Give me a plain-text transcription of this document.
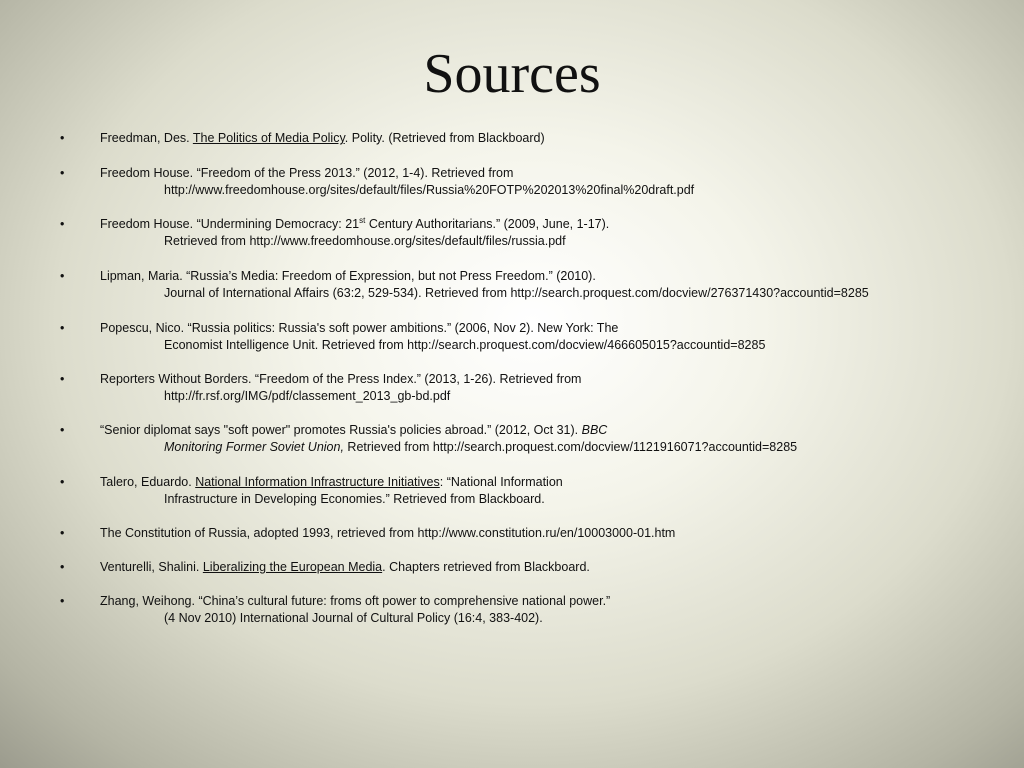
Sources
•	Freedman, Des. The Politics of Media Policy. Polity. (Retrieved from Blackboard)
•	Freedom House. “Freedom of the Press 2013.” (2012, 1-4). Retrieved from
http://www.freedomhouse.org/sites/default/files/Russia%20FOTP%202013%20final%20draft.pdf
•	Freedom House. “Undermining Democracy: 21st Century Authoritarians.” (2009, June, 1-17).
Retrieved from http://www.freedomhouse.org/sites/default/files/russia.pdf
•	Lipman, Maria. “Russia’s Media: Freedom of Expression, but not Press Freedom.” (2010).
Journal of International Affairs (63:2, 529-534). Retrieved from http://search.proquest.com/docview/276371430?accountid=8285
•	Popescu, Nico. “Russia politics: Russia's soft power ambitions.” (2006, Nov 2). New York: The
Economist Intelligence Unit. Retrieved from http://search.proquest.com/docview/466605015?accountid=8285
•	Reporters Without Borders. “Freedom of the Press Index.” (2013, 1-26). Retrieved from
http://fr.rsf.org/IMG/pdf/classement_2013_gb-bd.pdf
•	“Senior diplomat says "soft power" promotes Russia's policies abroad.” (2012, Oct 31). BBC
Monitoring Former Soviet Union, Retrieved from http://search.proquest.com/docview/1121916071?accountid=8285
•	Talero, Eduardo. National Information Infrastructure Initiatives: “National Information
Infrastructure in Developing Economies.” Retrieved from Blackboard.
•	The Constitution of Russia, adopted 1993, retrieved from http://www.constitution.ru/en/10003000-01.htm
•	Venturelli, Shalini. Liberalizing the European Media. Chapters retrieved from Blackboard.
•	Zhang, Weihong. “China’s cultural future: froms oft power to comprehensive national power.”
(4 Nov 2010) International Journal of Cultural Policy (16:4, 383-402).
